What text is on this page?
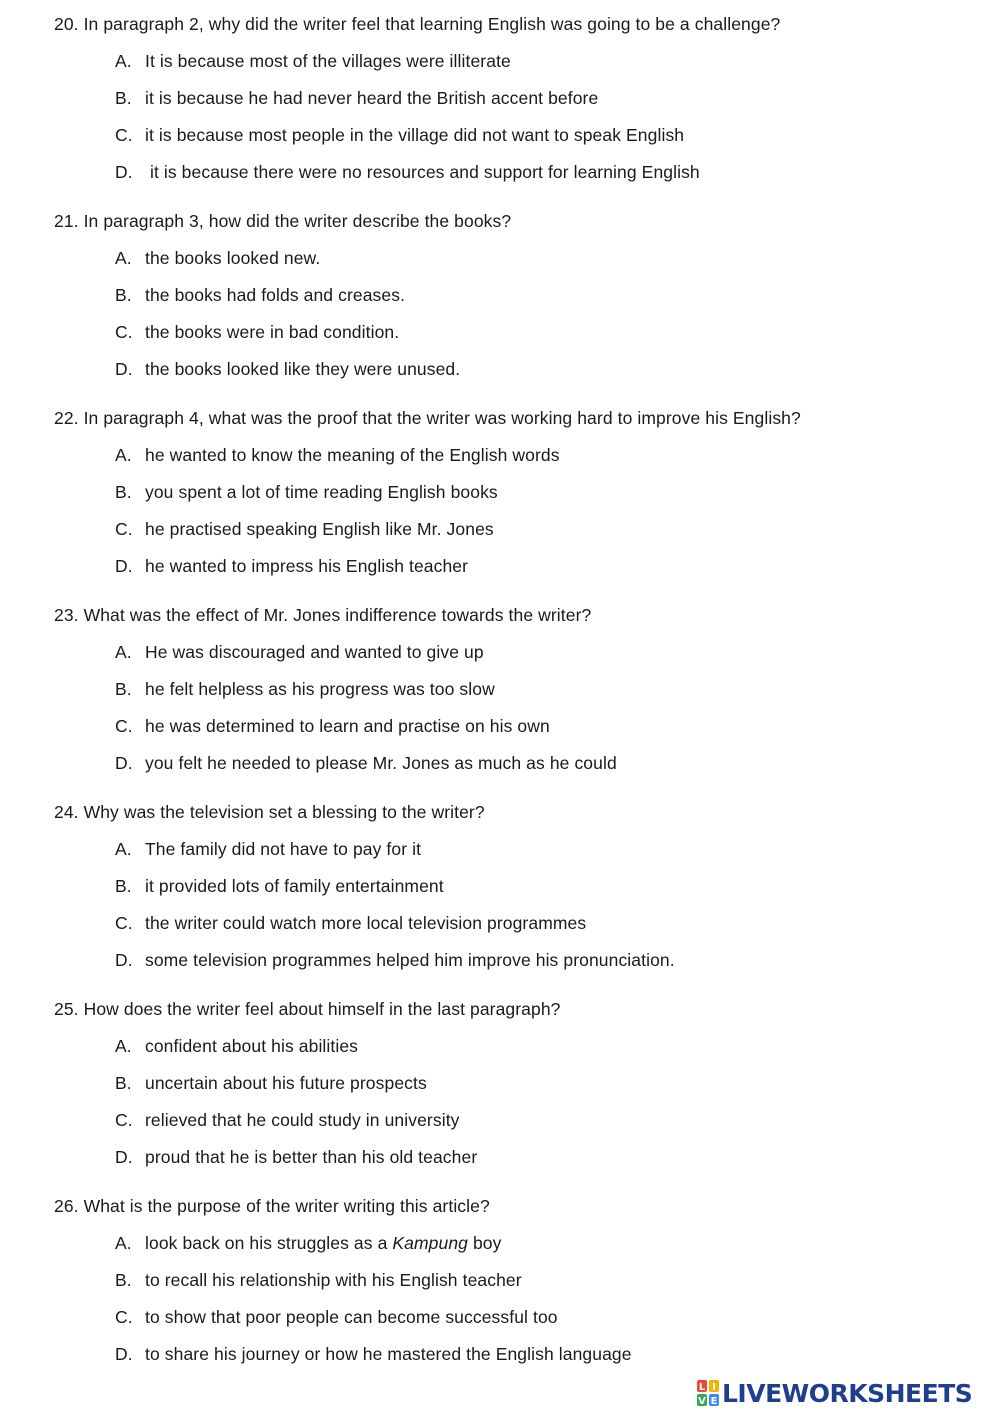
20. In paragraph 2, why did the writer feel that learning English was going to be a challenge?
A. It is because most of the villages were illiterate
B. it is because he had never heard the British accent before
C. it is because most people in the village did not want to speak English
D. it is because there were no resources and support for learning English
21. In paragraph 3, how did the writer describe the books?
A. the books looked new.
B. the books had folds and creases.
C. the books were in bad condition.
D. the books looked like they were unused.
22. In paragraph 4, what was the proof that the writer was working hard to improve his English?
A. he wanted to know the meaning of the English words
B. you spent a lot of time reading English books
C. he practised speaking English like Mr. Jones
D. he wanted to impress his English teacher
23. What was the effect of Mr. Jones indifference towards the writer?
A. He was discouraged and wanted to give up
B. he felt helpless as his progress was too slow
C. he was determined to learn and practise on his own
D. you felt he needed to please Mr. Jones as much as he could
24. Why was the television set a blessing to the writer?
A. The family did not have to pay for it
B. it provided lots of family entertainment
C. the writer could watch more local television programmes
D. some television programmes helped him improve his pronunciation.
25. How does the writer feel about himself in the last paragraph?
A. confident about his abilities
B. uncertain about his future prospects
C. relieved that he could study in university
D. proud that he is better than his old teacher
26. What is the purpose of the writer writing this article?
A. look back on his struggles as a Kampung boy
B. to recall his relationship with his English teacher
C. to show that poor people can become successful too
D. to share his journey or how he mastered the English language
L I
V E LIVEWORKSHEETS
